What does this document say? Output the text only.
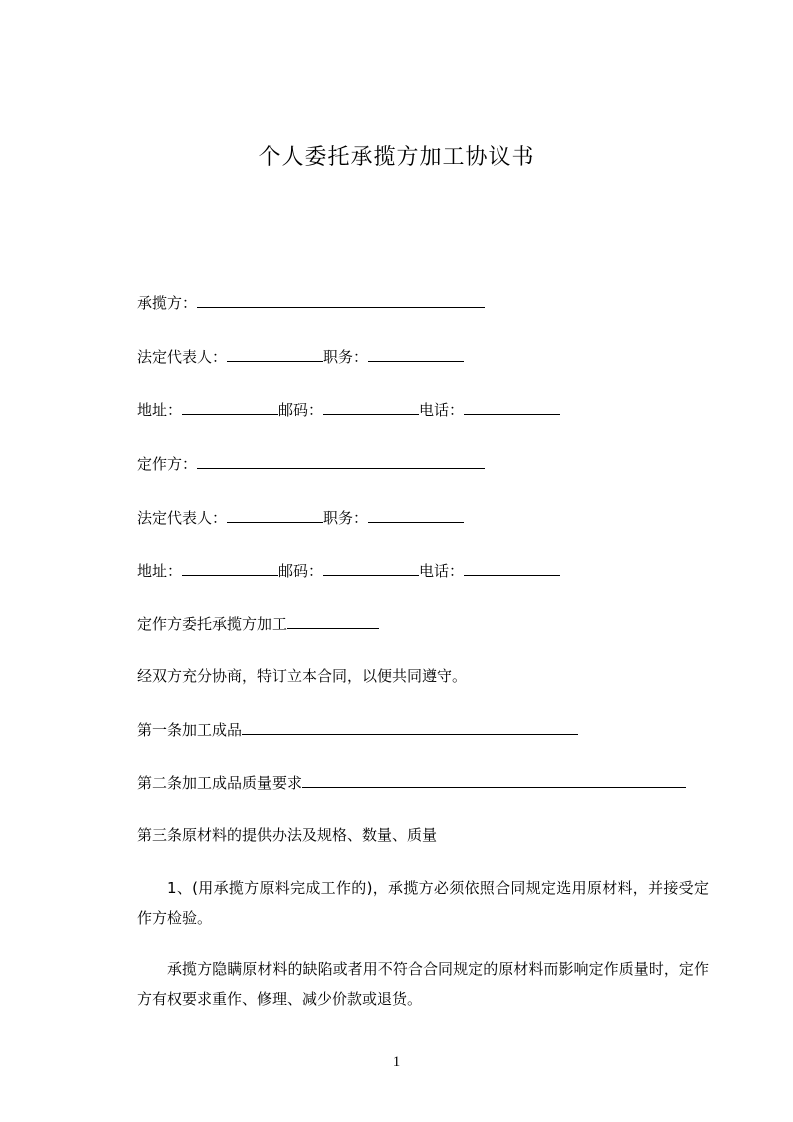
个人委托承揽方加工协议书
承揽方：
法定代表人：	职务：
地址：	邮码：	电话：
定作方：
法定代表人：	职务：
地址：	邮码：	电话：
定作方委托承揽方加工
经双方充分协商，特订立本合同，以便共同遵守。
第一条加工成品
第二条加工成品质量要求
第三条原材料的提供办法及规格、数量、质量
1、(用承揽方原料完成工作的)，承揽方必须依照合同规定选用原材料，并接受定作方检验。
承揽方隐瞒原材料的缺陷或者用不符合合同规定的原材料而影响定作质量时，定作方有权要求重作、修理、减少价款或退货。
1
